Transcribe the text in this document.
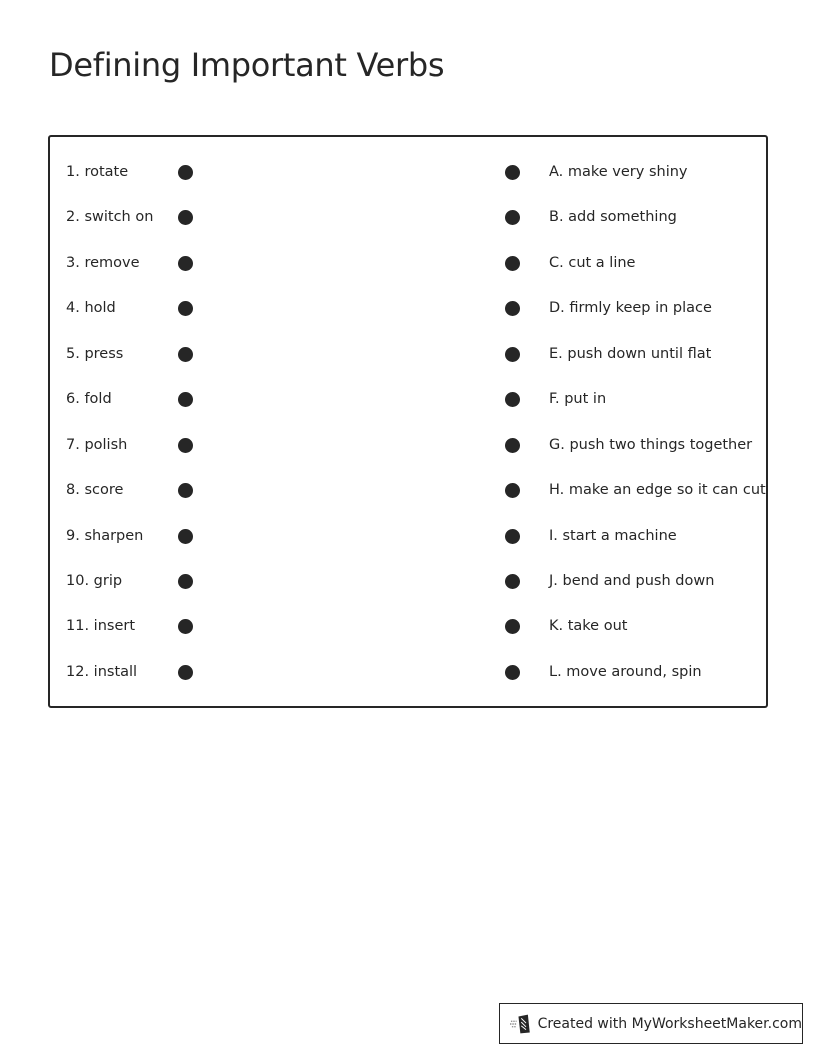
Defining Important Verbs
Created with MyWorksheetMaker.com
1. rotate
2. switch on
3. remove
4. hold
5. press
6. fold
7. polish
8. score
9. sharpen
10. grip
11. insert
12. install
A. make very shiny
B. add something
C. cut a line
D. firmly keep in place
E. push down until flat
F. put in
G. push two things together
H. make an edge so it can cut
I. start a machine
J. bend and push down
K. take out
L. move around, spin
